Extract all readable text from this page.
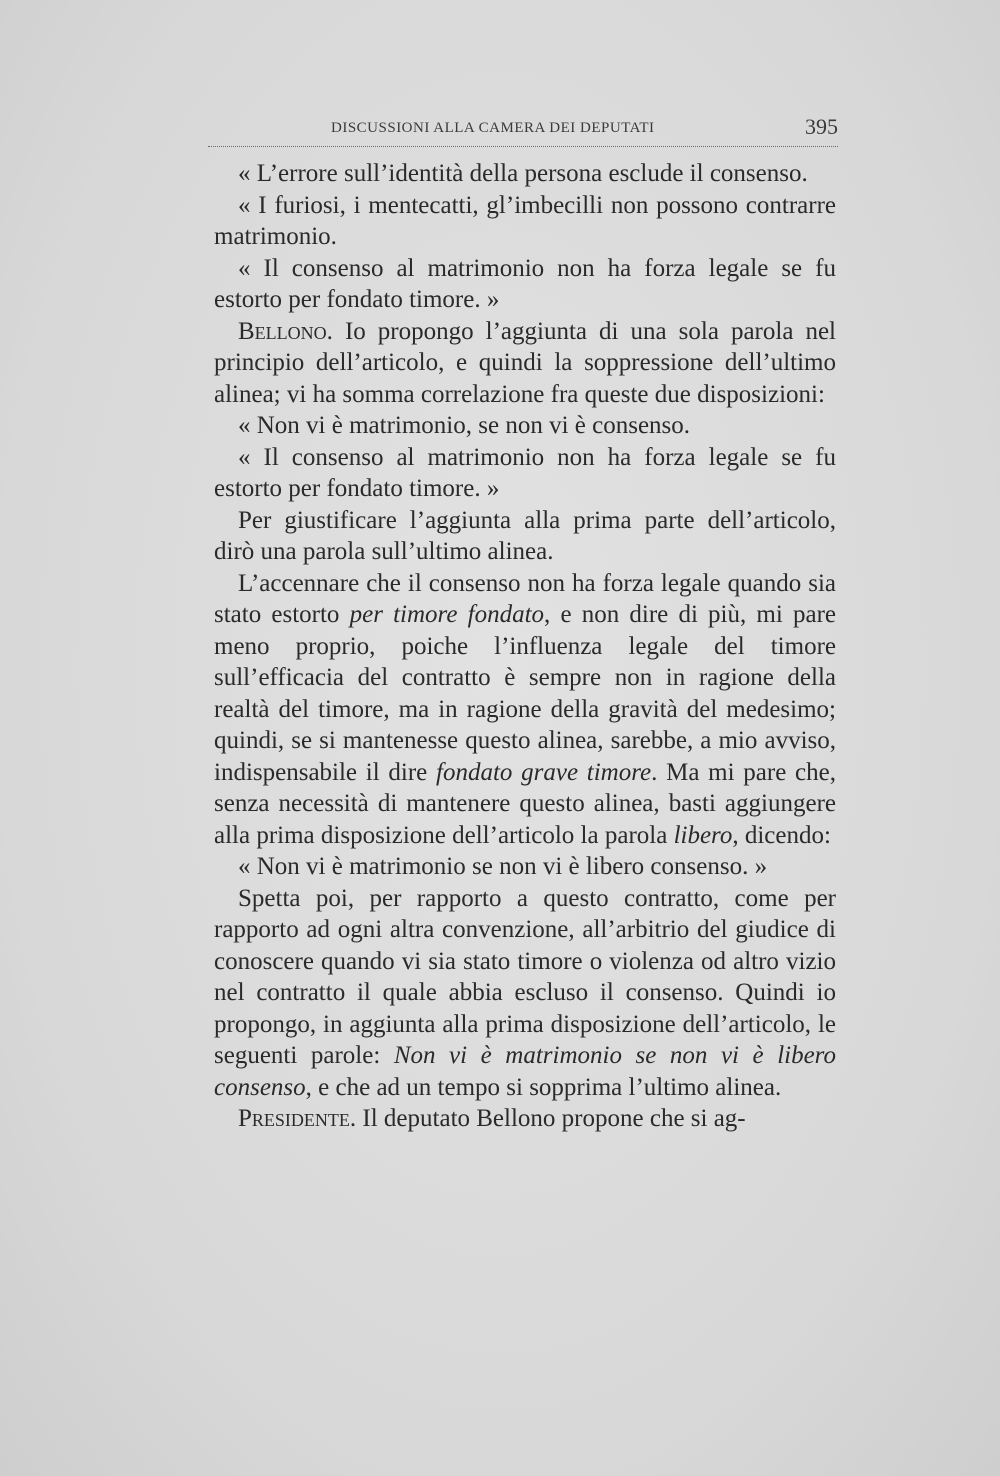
DISCUSSIONI ALLA CAMERA DEI DEPUTATI	395

« L’errore sull’identità della persona esclude il consenso.

« I furiosi, i mentecatti, gl’imbecilli non possono contrarre matrimonio.

« Il consenso al matrimonio non ha forza legale se fu estorto per fondato timore. »

Bellono. Io propongo l’aggiunta di una sola parola nel principio dell’articolo, e quindi la soppressione dell’ultimo alinea; vi ha somma correlazione fra queste due disposizioni:

« Non vi è matrimonio, se non vi è consenso.

« Il consenso al matrimonio non ha forza legale se fu estorto per fondato timore. »

Per giustificare l’aggiunta alla prima parte dell’articolo, dirò una parola sull’ultimo alinea.

L’accennare che il consenso non ha forza legale quando sia stato estorto per timore fondato, e non dire di più, mi pare meno proprio, poiche l’influenza legale del timore sull’efficacia del contratto è sempre non in ragione della realtà del timore, ma in ragione della gravità del medesimo; quindi, se si mantenesse questo alinea, sarebbe, a mio avviso, indispensabile il dire fondato grave timore. Ma mi pare che, senza necessità di mantenere questo alinea, basti aggiungere alla prima disposizione dell’articolo la parola libero, dicendo:

« Non vi è matrimonio se non vi è libero consenso. »

Spetta poi, per rapporto a questo contratto, come per rapporto ad ogni altra convenzione, all’arbitrio del giudice di conoscere quando vi sia stato timore o violenza od altro vizio nel contratto il quale abbia escluso il consenso. Quindi io propongo, in aggiunta alla prima disposizione dell’articolo, le seguenti parole: Non vi è matrimonio se non vi è libero consenso, e che ad un tempo si sopprima l’ultimo alinea.

Presidente. Il deputato Bellono propone che si ag-
